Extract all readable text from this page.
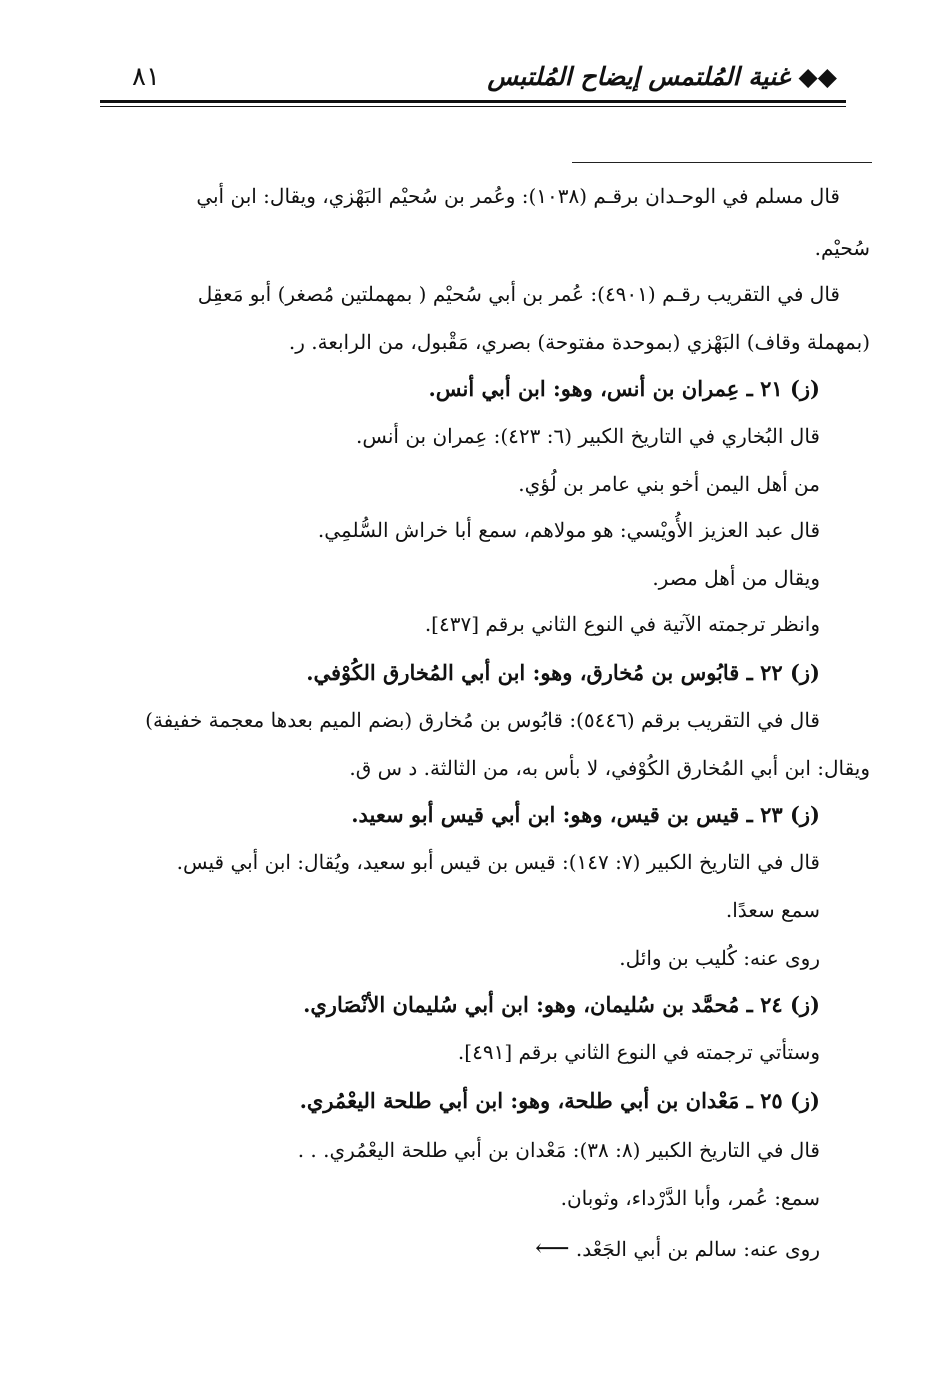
◆◆ غنية المُلتمس إيضاح المُلتبس
٨١
قال مسلم في الوحـدان برقـم (١٠٣٨): وعُمر بن سُحيْم البَهْزي، ويقال: ابن أبي
سُحيْم.
قال في التقريب رقـم (٤٩٠١): عُمر بن أبي سُحيْم ( بمهملتين مُصغر) أبو مَعقِل
(بمهملة وقاف) البَهْزي (بموحدة مفتوحة) بصري، مَقْبول، من الرابعة. ر.
(ز) ٢١ ـ عِمران بن أنس، وهو: ابن أبي أنس.
قال البُخاري في التاريخ الكبير (٦: ٤٢٣): عِمران بن أنس.
من أهل اليمن أخو بني عامر بن لُؤي.
قال عبد العزيز الأُويْسي: هو مولاهم، سمع أبا خراش السُّلمِي.
ويقال من أهل مصر.
وانظر ترجمته الآتية في النوع الثاني برقم [٤٣٧].
(ز) ٢٢ ـ قابُوس بن مُخارق، وهو: ابن أبي المُخارق الكُوْفي.
قال في التقريب برقم (٥٤٤٦): قابُوس بن مُخارق (بضم الميم بعدها معجمة خفيفة)
ويقال: ابن أبي المُخارق الكُوْفي، لا بأس به، من الثالثة. د س ق.
(ز) ٢٣ ـ قيس بن قيس، وهو: ابن أبي قيس أبو سعيد.
قال في التاريخ الكبير (٧: ١٤٧): قيس بن قيس أبو سعيد، ويُقال: ابن أبي قيس.
سمع سعدًا.
روى عنه: كُليب بن وائل.
(ز) ٢٤ ـ مُحمَّد بن سُليمان، وهو: ابن أبي سُليمان الأنْصَاري.
وستأتي ترجمته في النوع الثاني برقم [٤٩١].
(ز) ٢٥ ـ مَعْدان بن أبي طلحة، وهو: ابن أبي طلحة اليعْمُري.
قال في التاريخ الكبير (٨: ٣٨): مَعْدان بن أبي طلحة اليعْمُري. . .
سمع: عُمر، وأبا الدَّرْداء، وثوبان.
روى عنه: سالم بن أبي الجَعْد. ⟵
